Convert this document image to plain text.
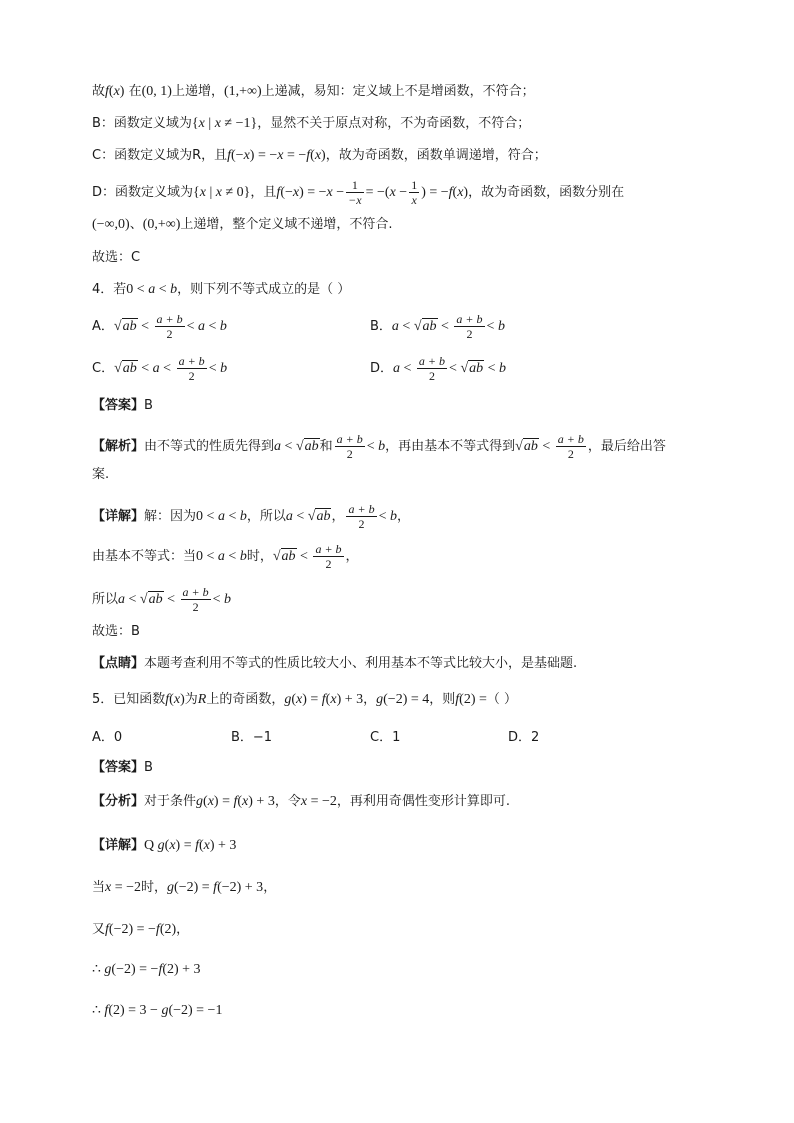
故f(x) 在(0, 1)上递增，(1,+∞)上递减，易知：定义域上不是增函数，不符合；
B：函数定义域为{x | x ≠ −1}，显然不关于原点对称，不为奇函数，不符合；
C：函数定义域为R，且f(−x) = −x = −f(x)，故为奇函数，函数单调递增，符合；
D：函数定义域为{x | x ≠ 0}，且$f(-x) = -x - \frac{1}{-x} = -(x - \frac{1}{x}$ ) = −f(x)，故为奇函数，函数分别在
(−∞,0)、(0,+∞)上递增，整个定义域不递增，不符合.
故选：C
4．若0 < a < b，则下列不等式成立的是（ ）
A．$√ab < \frac{a + b}{2} < a < b$	B．$a < √ab < \frac{a + b}{2} < b$
C．$√ab < a < \frac{a + b}{2} < b$	D．$a < \frac{a + b}{2} < √ab < b$
【答案】B
【解析】由不等式的性质先得到a < √ab和 $\frac{a + b}{2} < b$，再由基本不等式得到$√ab < \frac{a + b}{2}$ ，最后给出答
案.
【详解】解：因为0 < a < b，所以a < √ab， $\frac{a + b}{2} < b$，
由基本不等式：当0 < a < b时，$√ab < \frac{a + b}{2}$ ，
所以$a < √ab < \frac{a + b}{2} < b$
故选：B
【点睛】本题考查利用不等式的性质比较大小、利用基本不等式比较大小，是基础题.
5．已知函数f(x)为R上的奇函数，g(x) = f(x) + 3，g(−2) = 4，则f(2) =（ ）
A．0	B．−1	C．1	D．2
【答案】B
【分析】对于条件g(x) = f(x) + 3，令x = −2，再利用奇偶性变形计算即可.
【详解】Q g(x) = f(x) + 3
当x = −2时，g(−2) = f(−2) + 3，
又f(−2) = −f(2)，
∴ g(−2) = −f(2) + 3
∴ f(2) = 3 − g(−2) = −1
